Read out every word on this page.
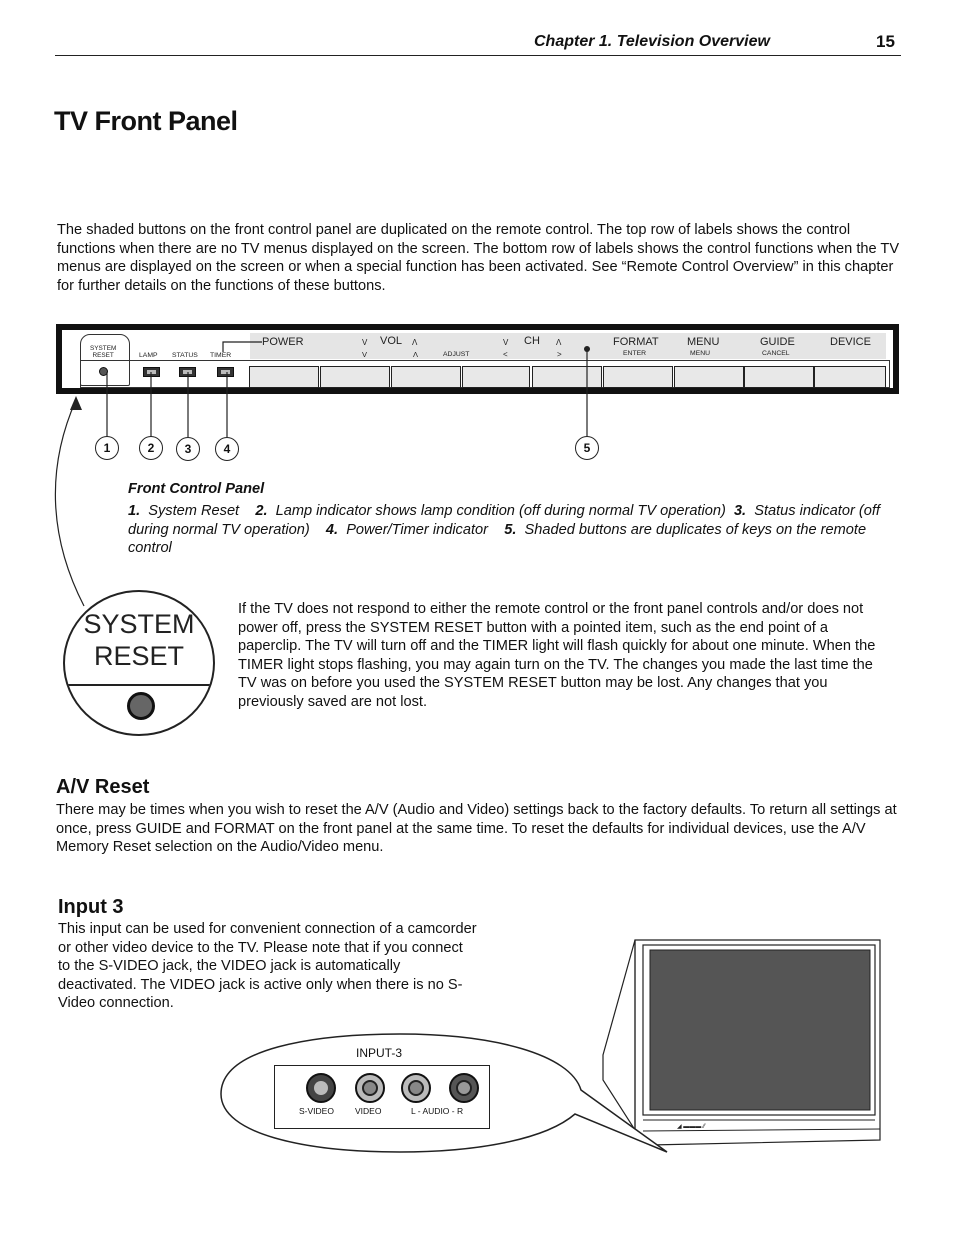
Chapter 1. Television Overview	15
TV Front Panel
The shaded buttons on the front control panel are duplicated on the remote control. The top row of labels shows the control functions when there are no TV menus displayed on the screen. The bottom row of labels shows the control functions when the TV menus are displayed on the screen or when a special function has been activated. See “Remote Control Overview” in this chapter for further details on the functions of these buttons.
SYSTEM
RESET	LAMP STATUS TIMER
POWER	V VOL Λ	V CH Λ	FORMAT	MENU	GUIDE	DEVICE
V	Λ	ADJUST	<	>	ENTER	MENU	CANCEL
1	2	3	4	5
Front Control Panel
1. System Reset 2. Lamp indicator shows lamp condition (off during normal TV operation) 3. Status indicator (off during normal TV operation) 4. Power/Timer indicator 5. Shaded buttons are duplicates of keys on the remote control
SYSTEM
RESET
If the TV does not respond to either the remote control or the front panel controls and/or does not power off, press the SYSTEM RESET button with a pointed item, such as the end point of a paperclip. The TV will turn off and the TIMER light will flash quickly for about one minute. When the TIMER light stops flashing, you may again turn on the TV. The changes you made the last time the TV was on before you used the SYSTEM RESET button may be lost. Any changes that you previously saved are not lost.
A/V Reset
There may be times when you wish to reset the A/V (Audio and Video) settings back to the factory defaults. To return all settings at once, press GUIDE and FORMAT on the front panel at the same time. To reset the defaults for individual devices, use the A/V Memory Reset selection on the Audio/Video menu.
Input 3
This input can be used for convenient connection of a camcorder or other video device to the TV. Please note that if you connect to the S-VIDEO jack, the VIDEO jack is automatically deactivated. The VIDEO jack is active only when there is no S-Video connection.
◢ ▬▬▬ ⁄⁄
INPUT-3
S-VIDEO VIDEO	L - AUDIO - R
